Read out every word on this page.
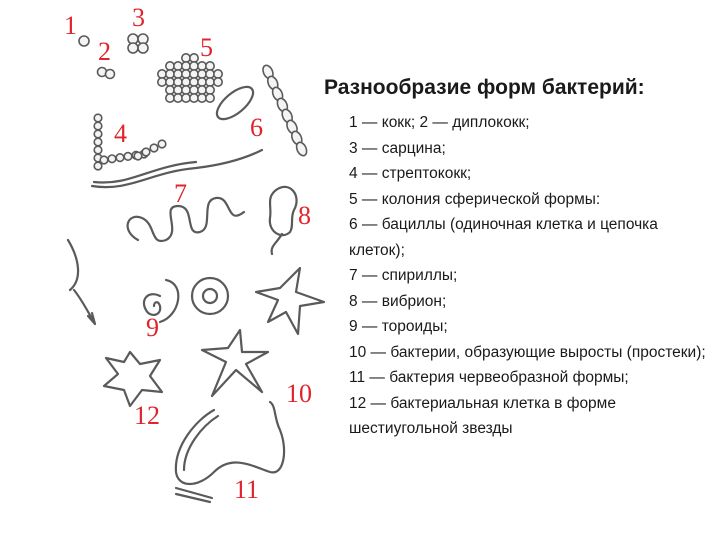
1
2
3
4
5
6
7
8
9
10
11
12
Разнообразие форм бактерий:
1 — кокк; 2 — диплококк;
3 — сарцина;
4 — стрептококк;
5 — колония сферической формы:
6 — бациллы (одиночная клетка и цепочка клеток);
7 — спириллы;
8 — вибрион;
9 — тороиды;
10 — бактерии, образующие выросты (простеки);
11 — бактерия червеобразной формы;
12 — бактериальная клетка в форме шестиугольной звезды
